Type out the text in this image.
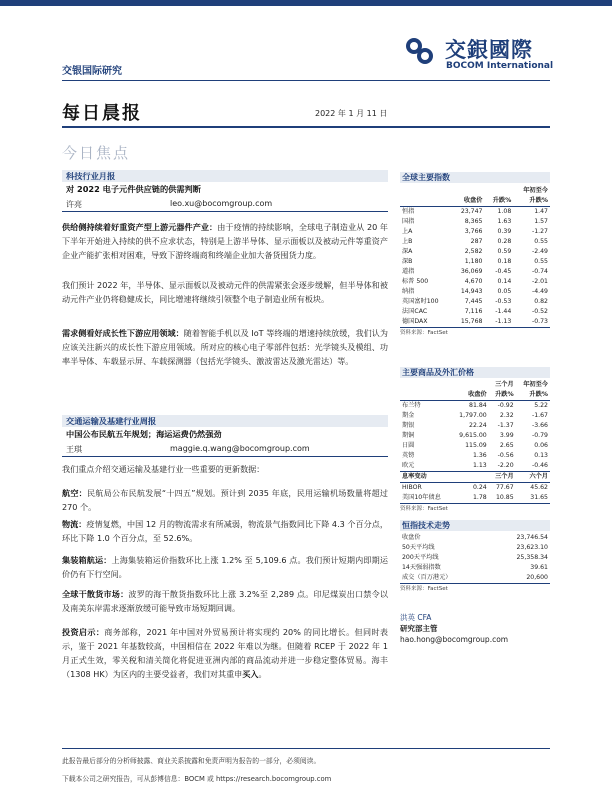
交銀國際
BOCOM International
交银国际研究
每日晨报	2022 年 1 月 11 日
今日焦点
科技行业月报
对 2022 电子元件供应链的供需判断
许亮	leo.xu@bocomgroup.com
供给侧持续着好重资产型上游元器件产业：由于疫情的持续影响，全球电子制造业从 20 年下半年开始进入持续的供不应求状态，特别是上游半导体、显示面板以及被动元件等重资产企业产能扩张相对困难，导致下游终端商和终端企业加大备货囤货力度。
我们预计 2022 年，半导体、显示面板以及被动元件的供需紧张会逐步缓解，但半导体和被动元件产业仍将稳健成长，同比增速将继续引领整个电子制造业所有板块。
需求侧看好成长性下游应用领域：随着智能手机以及 IoT 等终端的增速持续放缓，我们认为应该关注新兴的成长性下游应用领域。所对应的核心电子零部件包括：光学镜头及模组、功率半导体、车载显示屏、车载探测器（包括光学镜头、激波雷达及激光雷达）等。
交通运输及基建行业周报
中国公布民航五年规划；海运运费仍然强劲
王琪	maggie.q.wang@bocomgroup.com
我们重点介绍交通运输及基建行业一些重要的更新数据：
航空：民航局公布民航发展“十四五”规划。预计到 2035 年底，民用运输机场数量将超过 270 个。
物流：疫情复燃，中国 12 月的物流需求有所减弱，物流景气指数同比下降 4.3 个百分点，环比下降 1.0 个百分点，至 52.6%。
集装箱航运：上海集装箱运价指数环比上涨 1.2% 至 5,109.6 点。我们预计短期内即期运价仍有下行空间。
全球干散货市场：波罗的海干散货指数环比上涨 3.2%至 2,289 点。印尼煤炭出口禁令以及南美东岸需求逐渐放缓可能导致市场短期回调。
投资启示：商务部称，2021 年中国对外贸易预计将实现约 20% 的同比增长。但同时表示，鉴于 2021 年基数较高，中国相信在 2022 年难以为继。但随着 RCEP 于 2022 年 1 月正式生效，零关税和清关简化将促进亚洲内部的商品流动并进一步稳定整体贸易。海丰（1308 HK）为区内的主要受益者，我们对其重申买入。
全球主要指数
			年初至今
	收盘价	升跌%	升跌%
恒指	23,747	1.08	1.47
国指	8,365	1.63	1.57
上A	3,766	0.39	-1.27
上B	287	0.28	0.55
深A	2,582	0.59	-2.49
深B	1,180	0.18	0.55
道指	36,069	-0.45	-0.74
标普 500	4,670	0.14	-2.01
纳指	14,943	0.05	-4.49
英国富时100	7,445	-0.53	0.82
法国CAC	7,116	-1.44	-0.52
德国DAX	15,768	-1.13	-0.73
资料来源：FactSet
主要商品及外汇价格
		三个月	年初至今
	收盘价	升跌%	升跌%
布兰特	81.84	-0.92	5.22
期金	1,797.00	2.32	-1.67
期银	22.24	-1.37	-3.66
期铜	9,615.00	3.99	-0.79
日圆	115.09	2.65	0.06
英镑	1.36	-0.56	0.13
欧元	1.13	-2.20	-0.46
息率变动		三个月	六个月
HIBOR	0.24	77.67	45.62
美国10年债息	1.78	10.85	31.65
资料来源：FactSet
恒指技术走势
收盘价	23,746.54
50天平均线	23,623.10
200天平均线	25,358.34
14天强弱指数	39.61
成交（百万港元）	20,600
资料来源：FactSet
洪英 CFA
研究部主管
hao.hong@bocomgroup.com
此报告最后部分的分析师披露、商业关系披露和免责声明为报告的一部分，必须阅读。
下载本公司之研究报告，可从彭博信息：BOCM 或 https://research.bocomgroup.com
